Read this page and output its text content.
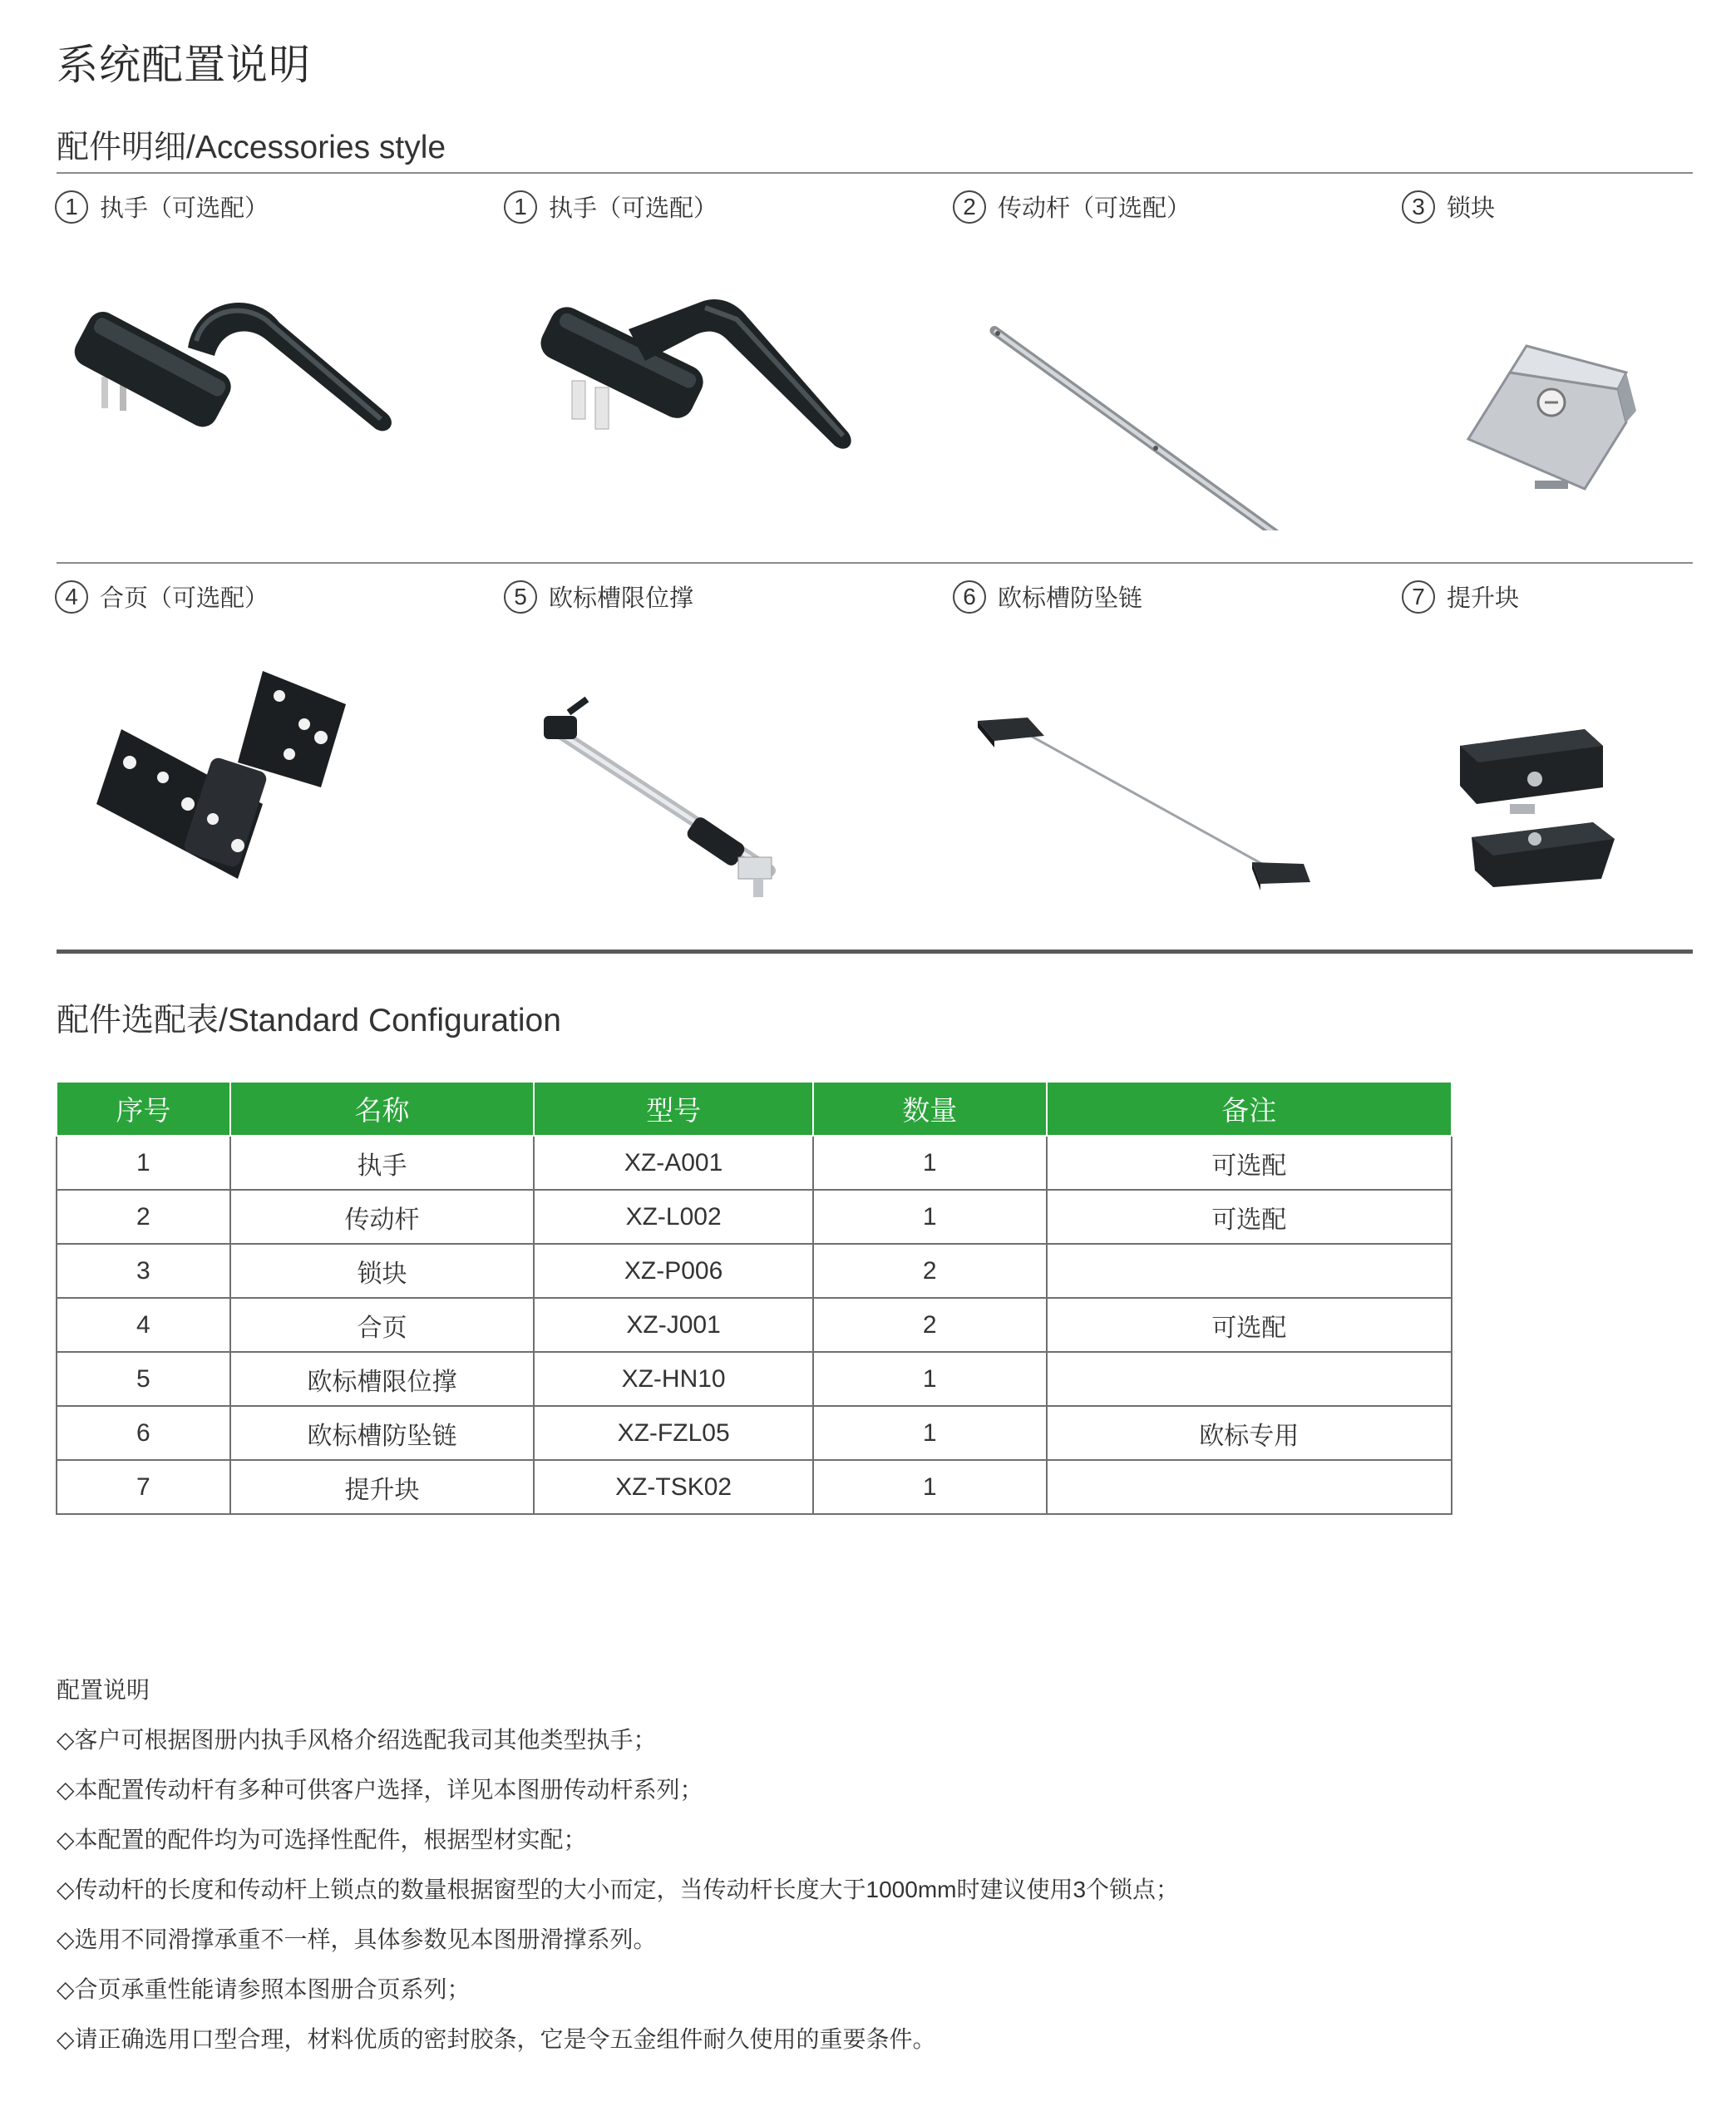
系统配置说明
配件明细/Accessories style
1 执手（可选配）	1 执手（可选配）	2 传动杆（可选配）	3 锁块
4 合页（可选配）	5 欧标槽限位撑	6 欧标槽防坠链	7 提升块
配件选配表/Standard Configuration
序号	名称	型号	数量	备注
1	执手	XZ-A001	1	可选配
2	传动杆	XZ-L002	1	可选配
3	锁块	XZ-P006	2	
4	合页	XZ-J001	2	可选配
5	欧标槽限位撑	XZ-HN10	1	
6	欧标槽防坠链	XZ-FZL05	1	欧标专用
7	提升块	XZ-TSK02	1	
配置说明
◇客户可根据图册内执手风格介绍选配我司其他类型执手；
◇本配置传动杆有多种可供客户选择，详见本图册传动杆系列；
◇本配置的配件均为可选择性配件，根据型材实配；
◇传动杆的长度和传动杆上锁点的数量根据窗型的大小而定，当传动杆长度大于1000mm时建议使用3个锁点；
◇选用不同滑撑承重不一样，具体参数见本图册滑撑系列。
◇合页承重性能请参照本图册合页系列；
◇请正确选用口型合理，材料优质的密封胶条，它是令五金组件耐久使用的重要条件。
